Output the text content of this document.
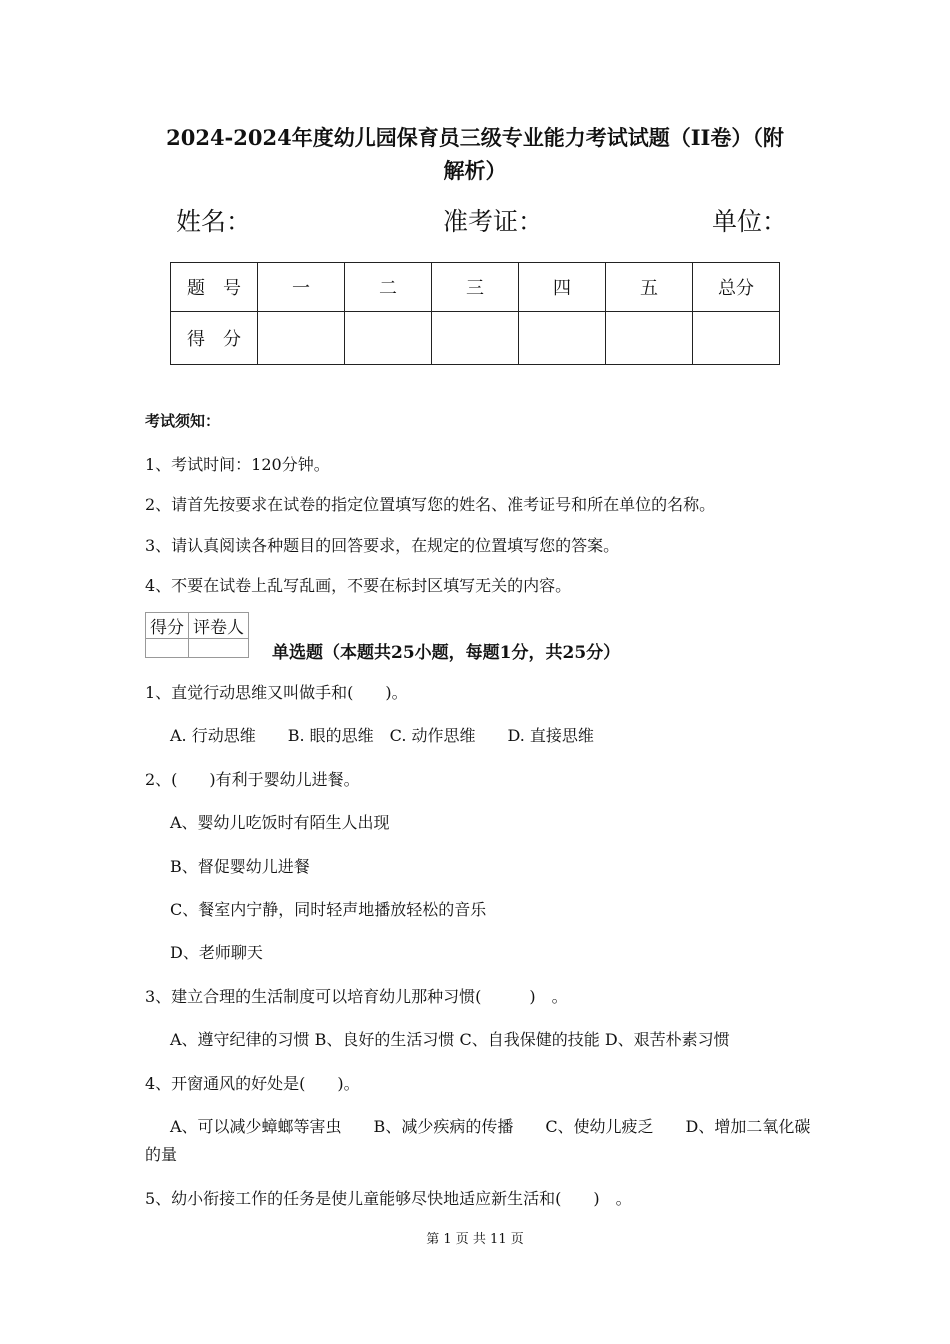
2024-2024年度幼儿园保育员三级专业能力考试试题（II卷）（附
解析）
姓名：	准考证：	单位：
题　号	一	二	三	四	五	总分
得　分						
考试须知：
1、考试时间：120分钟。
2、请首先按要求在试卷的指定位置填写您的姓名、准考证号和所在单位的名称。
3、请认真阅读各种题目的回答要求，在规定的位置填写您的答案。
4、不要在试卷上乱写乱画，不要在标封区填写无关的内容。
得分	评卷人

单选题（本题共25小题，每题1分，共25分）
1、直觉行动思维又叫做手和(　　)。
A. 行动思维　　B. 眼的思维　C. 动作思维　　D. 直接思维
2、(　　)有利于婴幼儿进餐。
A、婴幼儿吃饭时有陌生人出现
B、督促婴幼儿进餐
C、餐室内宁静，同时轻声地播放轻松的音乐
D、老师聊天
3、建立合理的生活制度可以培育幼儿那种习惯(　　　)　。
A、遵守纪律的习惯 B、良好的生活习惯 C、自我保健的技能 D、艰苦朴素习惯
4、开窗通风的好处是(　　)。
A、可以减少蟑螂等害虫　　B、减少疾病的传播　　C、使幼儿疲乏　　D、增加二氧化碳
的量
5、幼小衔接工作的任务是使儿童能够尽快地适应新生活和(　　)　。
第 1 页 共 11 页
